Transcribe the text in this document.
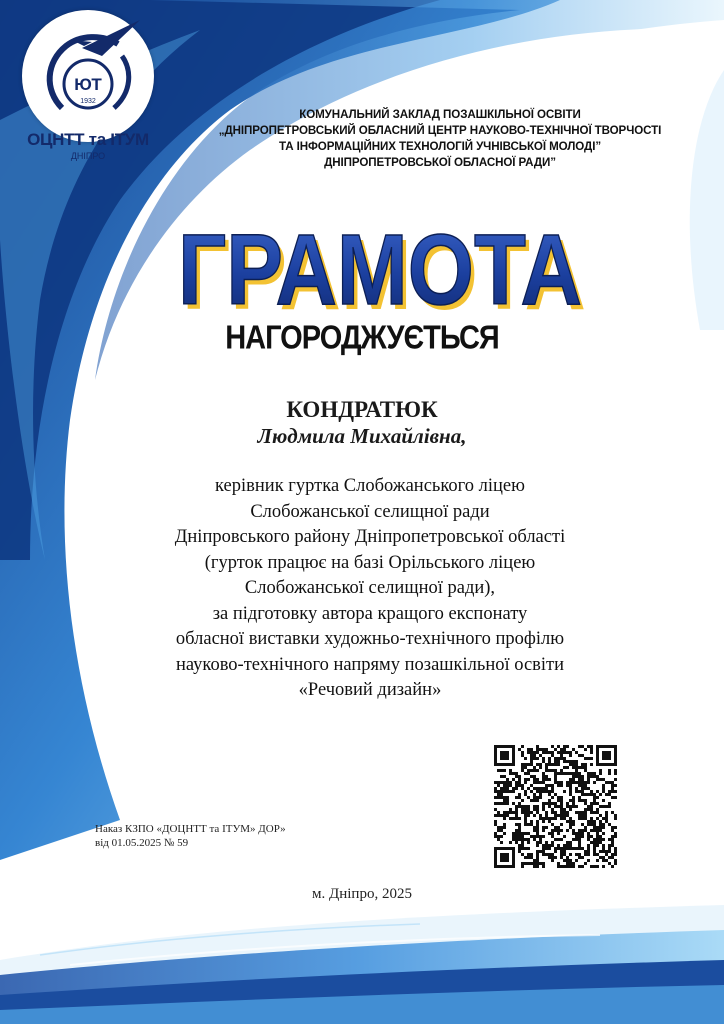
ЮТ
1932
ОЦНТТ та ІТУМ
ДНІПРО
КОМУНАЛЬНИЙ ЗАКЛАД ПОЗАШКІЛЬНОЇ ОСВІТИ
„ДНІПРОПЕТРОВСЬКИЙ ОБЛАСНИЙ ЦЕНТР НАУКОВО-ТЕХНІЧНОЇ ТВОРЧОСТІ
ТА ІНФОРМАЦІЙНИХ ТЕХНОЛОГІЙ УЧНІВСЬКОЇ МОЛОДІ”
ДНІПРОПЕТРОВСЬКОЇ ОБЛАСНОЇ РАДИ”
ГРАМОТА
ГРАМОТА
НАГОРОДЖУЄТЬСЯ
КОНДРАТЮК
Людмила Михайлівна,
керівник гуртка Слобожанського ліцею
Слобожанської селищної ради
Дніпровського району Дніпропетровської області
(гурток працює на базі Орільського ліцею
Слобожанської селищної ради),
за підготовку автора кращого експонату
обласної виставки художньо-технічного профілю
науково-технічного напряму позашкільної освіти
«Речовий дизайн»
Наказ КЗПО «ДОЦНТТ та ІТУМ» ДОР»
від 01.05.2025 № 59
м. Дніпро, 2025
